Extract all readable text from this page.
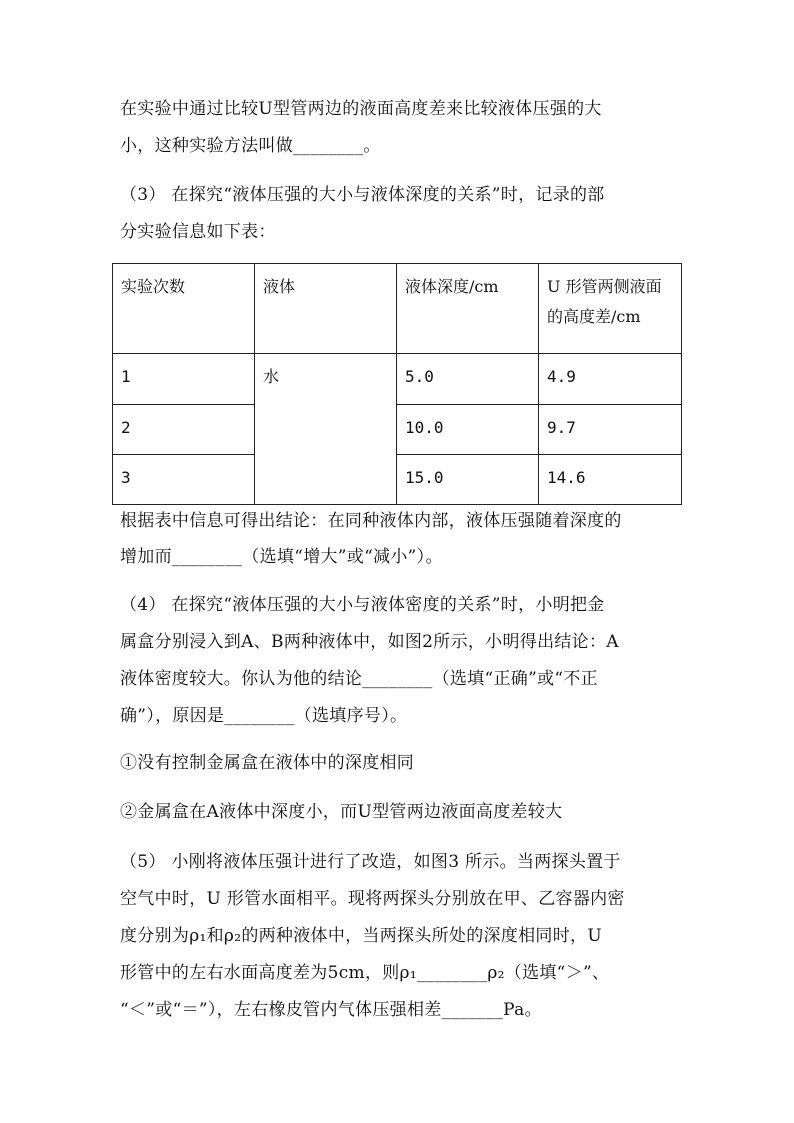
在实验中通过比较U型管两边的液面高度差来比较液体压强的大
小，这种实验方法叫做________。
（3） 在探究“液体压强的大小与液体深度的关系”时，记录的部
分实验信息如下表：
实验次数	液体	液体深度/cm	U 形管两侧液面
的高度差/cm

1	水	5.0	4.9
2		10.0	9.7
3		15.0	14.6
根据表中信息可得出结论：在同种液体内部，液体压强随着深度的
增加而________（选填“增大”或“减小”）。
（4） 在探究“液体压强的大小与液体密度的关系”时，小明把金
属盒分别浸入到A、B两种液体中，如图2所示，小明得出结论：A
液体密度较大。你认为他的结论________（选填“正确”或“不正
确”），原因是________（选填序号）。
①没有控制金属盒在液体中的深度相同
②金属盒在A液体中深度小，而U型管两边液面高度差较大
（5） 小刚将液体压强计进行了改造，如图3 所示。当两探头置于
空气中时，U 形管水面相平。现将两探头分别放在甲、乙容器内密
度分别为ρ₁和ρ₂的两种液体中，当两探头所处的深度相同时，U
形管中的左右水面高度差为5cm，则ρ₁________ρ₂（选填“＞”、
“＜”或“＝”），左右橡皮管内气体压强相差_______Pa。
